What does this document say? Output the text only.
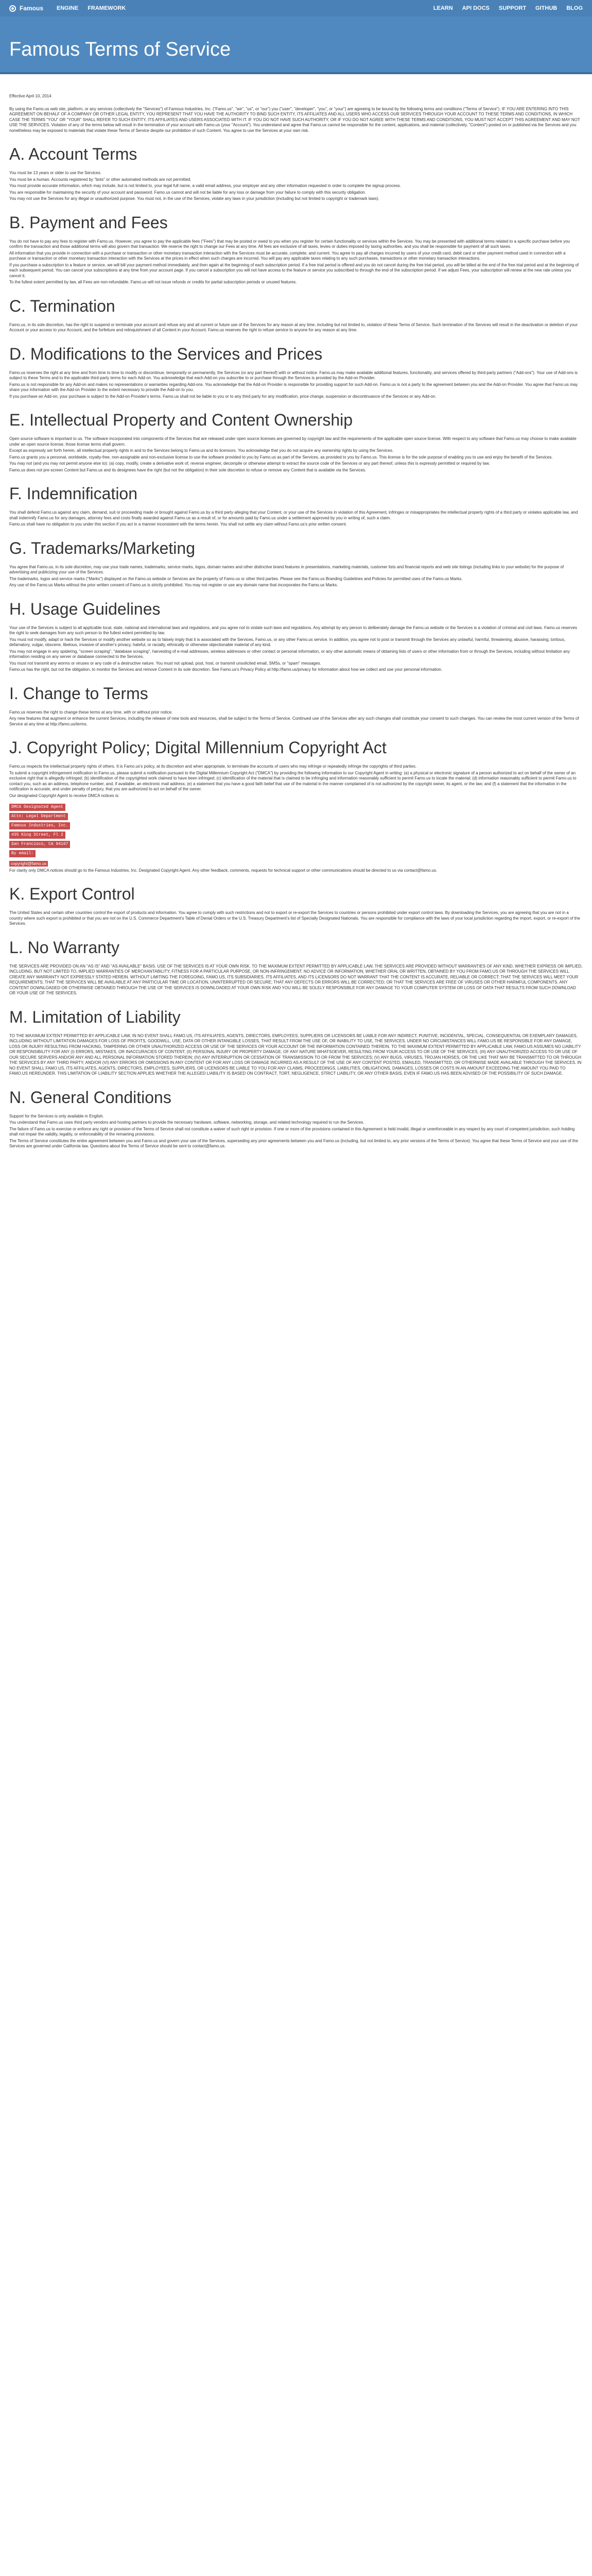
Famous ENGINE FRAMEWORK	LEARN API DOCS SUPPORT GITHUB BLOG
Famous Terms of Service

Effective April 10, 2014

By using the Famo.us web site, platform, or any services (collectively the "Services") of Famous Industries, Inc. ("Famo.us", "we", "us", or "our") you ("user", "developer", "you", or "your") are agreeing to be bound by the following terms and conditions ("Terms of Service"). IF YOU ARE ENTERING INTO THIS AGREEMENT ON BEHALF OF A COMPANY OR OTHER LEGAL ENTITY, YOU REPRESENT THAT YOU HAVE THE AUTHORITY TO BIND SUCH ENTITY, ITS AFFILIATES AND ALL USERS WHO ACCESS OUR SERVICES THROUGH YOUR ACCOUNT TO THESE TERMS AND CONDITIONS, IN WHICH CASE THE TERMS "YOU" OR "YOUR" SHALL REFER TO SUCH ENTITY, ITS AFFILIATES AND USERS ASSOCIATED WITH IT. IF YOU DO NOT HAVE SUCH AUTHORITY, OR IF YOU DO NOT AGREE WITH THESE TERMS AND CONDITIONS, YOU MUST NOT ACCEPT THIS AGREEMENT AND MAY NOT USE THE SERVICES. Violation of any of the terms below will result in the termination of your account with Famo.us (your "Account"). You understand and agree that Famo.us cannot be responsible for the content, applications, and material (collectively, "Content") posted on or published via the Services and you nonetheless may be exposed to materials that violate these Terms of Service despite our prohibition of such Content. You agree to use the Services at your own risk.

A. Account Terms

You must be 13 years or older to use the Services.

You must be a human. Accounts registered by "bots" or other automated methods are not permitted.

You must provide accurate information, which may include, but is not limited to, your legal full name, a valid email address, your employer and any other information requested in order to complete the signup process.

You are responsible for maintaining the security of your account and password. Famo.us cannot and will not be liable for any loss or damage from your failure to comply with this security obligation.

You may not use the Services for any illegal or unauthorized purpose. You must not, in the use of the Services, violate any laws in your jurisdiction (including but not limited to copyright or trademark laws).

B. Payment and Fees

You do not have to pay any fees to register with Famo.us. However, you agree to pay the applicable fees ("Fees") that may be posted or owed to you when you register for certain functionality or services within the Services. You may be presented with additional terms related to a specific purchase before you confirm the transaction and those additional terms will also govern that transaction. We reserve the right to change our Fees at any time. All fees are exclusive of all taxes, levies or duties imposed by taxing authorities, and you shall be responsible for payment of all such taxes.

All information that you provide in connection with a purchase or transaction or other monetary transaction interaction with the Services must be accurate, complete, and current. You agree to pay all charges incurred by users of your credit card, debit card or other payment method used in connection with a purchase or transaction or other monetary transaction interaction with the Services at the prices in effect when such charges are incurred. You will pay any applicable taxes relating to any such purchases, transactions or other monetary transaction interactions.

If you purchase a subscription to a feature or service, we will bill your payment method immediately, and then again at the beginning of each subscription period. If a free trial period is offered and you do not cancel during the free trial period, you will be billed at the end of the free trial period and at the beginning of each subsequent period. You can cancel your subscriptions at any time from your account page. If you cancel a subscription you will not have access to the feature or service you subscribed to through the end of the subscription period. If we adjust Fees, your subscription will renew at the new rate unless you cancel it.

To the fullest extent permitted by law, all Fees are non-refundable. Famo.us will not issue refunds or credits for partial subscription periods or unused features.

C. Termination

Famo.us, in its sole discretion, has the right to suspend or terminate your account and refuse any and all current or future use of the Services for any reason at any time, including but not limited to, violation of these Terms of Service. Such termination of the Services will result in the deactivation or deletion of your Account or your access to your Account, and the forfeiture and relinquishment of all Content in your Account. Famo.us reserves the right to refuse service to anyone for any reason at any time.

D. Modifications to the Services and Prices

Famo.us reserves the right at any time and from time to time to modify or discontinue, temporarily or permanently, the Services (or any part thereof) with or without notice. Famo.us may make available additional features, functionality, and services offered by third-party partners ("Add-ons"). Your use of Add-ons is subject to these Terms and to the applicable third-party terms for each Add-on. You acknowledge that each Add-on you subscribe to or purchase through the Services is provided by the Add-on Provider.

Famo.us is not responsible for any Add-on and makes no representations or warranties regarding Add-ons. You acknowledge that the Add-on Provider is responsible for providing support for such Add-on. Famo.us is not a party to the agreement between you and the Add-on Provider. You agree that Famo.us may share your information with the Add-on Provider to the extent necessary to provide the Add-on to you.

If you purchase an Add-on, your purchase is subject to the Add-on Provider's terms. Famo.us shall not be liable to you or to any third party for any modification, price change, suspension or discontinuance of the Services or any Add-on.

E. Intellectual Property and Content Ownership

Open source software is important to us. The software incorporated into components of the Services that are released under open source licenses are governed by copyright law and the requirements of the applicable open source license. With respect to any software that Famo.us may choose to make available under an open source license, those license terms shall govern.

Except as expressly set forth herein, all intellectual property rights in and to the Services belong to Famo.us and its licensors. You acknowledge that you do not acquire any ownership rights by using the Services.

Famo.us grants you a personal, worldwide, royalty-free, non-assignable and non-exclusive license to use the software provided to you by Famo.us as part of the Services, as provided to you by Famo.us. This license is for the sole purpose of enabling you to use and enjoy the benefit of the Services.

You may not (and you may not permit anyone else to): (a) copy, modify, create a derivative work of, reverse engineer, decompile or otherwise attempt to extract the source code of the Services or any part thereof, unless this is expressly permitted or required by law.

Famo.us does not pre-screen Content but Famo.us and its designees have the right (but not the obligation) in their sole discretion to refuse or remove any Content that is available via the Services.

F. Indemnification

You shall defend Famo.us against any claim, demand, suit or proceeding made or brought against Famo.us by a third party alleging that your Content, or your use of the Services in violation of this Agreement, infringes or misappropriates the intellectual property rights of a third party or violates applicable law, and shall indemnify Famo.us for any damages, attorney fees and costs finally awarded against Famo.us as a result of, or for amounts paid by Famo.us under a settlement approved by you in writing of, such a claim.

Famo.us shall have no obligation to you under this section if you act in a manner inconsistent with the terms herein. You shall not settle any claim without Famo.us's prior written consent.

G. Trademarks/Marketing

You agree that Famo.us, in its sole discretion, may use your trade names, trademarks, service marks, logos, domain names and other distinctive brand features in presentations, marketing materials, customer lists and financial reports and web site listings (including links to your website) for the purpose of advertising and publicizing your use of the Services.

The trademarks, logos and service marks ("Marks") displayed on the Famo.us website or Services are the property of Famo.us or other third parties. Please see the Famo.us Branding Guidelines and Policies for permitted uses of the Famo.us Marks.

Any use of the Famo.us Marks without the prior written consent of Famo.us is strictly prohibited. You may not register or use any domain name that incorporates the Famo.us Marks.

H. Usage Guidelines

Your use of the Services is subject to all applicable local, state, national and international laws and regulations, and you agree not to violate such laws and regulations. Any attempt by any person to deliberately damage the Famo.us website or the Services is a violation of criminal and civil laws. Famo.us reserves the right to seek damages from any such person to the fullest extent permitted by law.

You must not modify, adapt or hack the Services or modify another website so as to falsely imply that it is associated with the Services, Famo.us, or any other Famo.us service. In addition, you agree not to post or transmit through the Services any unlawful, harmful, threatening, abusive, harassing, tortious, defamatory, vulgar, obscene, libelous, invasive of another's privacy, hateful, or racially, ethnically or otherwise objectionable material of any kind.

You may not engage in any spidering, "screen scraping", "database scraping", harvesting of e-mail addresses, wireless addresses or other contact or personal information, or any other automatic means of obtaining lists of users or other information from or through the Services, including without limitation any information residing on any server or database connected to the Services.

You must not transmit any worms or viruses or any code of a destructive nature. You must not upload, post, host, or transmit unsolicited email, SMSs, or "spam" messages.

Famo.us has the right, but not the obligation, to monitor the Services and remove Content in its sole discretion. See Famo.us's Privacy Policy at http://famo.us/privacy for information about how we collect and use your personal information.

I. Change to Terms

Famo.us reserves the right to change these terms at any time, with or without prior notice.

Any new features that augment or enhance the current Services, including the release of new tools and resources, shall be subject to the Terms of Service. Continued use of the Services after any such changes shall constitute your consent to such changes. You can review the most current version of the Terms of Service at any time at http://famo.us/terms.

J. Copyright Policy; Digital Millennium Copyright Act

Famo.us respects the intellectual property rights of others. It is Famo.us's policy, at its discretion and when appropriate, to terminate the accounts of users who may infringe or repeatedly infringe the copyrights of third parties.

To submit a copyright infringement notification to Famo.us, please submit a notification pursuant to the Digital Millennium Copyright Act ("DMCA") by providing the following information to our Copyright Agent in writing: (a) a physical or electronic signature of a person authorized to act on behalf of the owner of an exclusive right that is allegedly infringed; (b) identification of the copyrighted work claimed to have been infringed; (c) identification of the material that is claimed to be infringing and information reasonably sufficient to permit Famo.us to locate the material; (d) information reasonably sufficient to permit Famo.us to contact you, such as an address, telephone number, and, if available, an electronic mail address; (e) a statement that you have a good faith belief that use of the material in the manner complained of is not authorized by the copyright owner, its agent, or the law; and (f) a statement that the information in the notification is accurate, and under penalty of perjury, that you are authorized to act on behalf of the owner.

Our designated Copyright Agent to receive DMCA notices is:

DMCA Designated Agent
Attn: Legal Department
Famous Industries, Inc.
435 King Street, Fl 2
San Francisco, CA 94107
By email:

copyright@famo.us

For clarity only DMCA notices should go to the Famous Industries, Inc. Designated Copyright Agent. Any other feedback, comments, requests for technical support or other communications should be directed to us via contact@famo.us.

K. Export Control

The United States and certain other countries control the export of products and information. You agree to comply with such restrictions and not to export or re-export the Services to countries or persons prohibited under export control laws. By downloading the Services, you are agreeing that you are not in a country where such export is prohibited or that you are not on the U.S. Commerce Department's Table of Denial Orders or the U.S. Treasury Department's list of Specially Designated Nationals. You are responsible for compliance with the laws of your local jurisdiction regarding the import, export, or re-export of the Services.

L. No Warranty

THE SERVICES ARE PROVIDED ON AN "AS IS" AND "AS AVAILABLE" BASIS. USE OF THE SERVICES IS AT YOUR OWN RISK. TO THE MAXIMUM EXTENT PERMITTED BY APPLICABLE LAW, THE SERVICES ARE PROVIDED WITHOUT WARRANTIES OF ANY KIND, WHETHER EXPRESS OR IMPLIED, INCLUDING, BUT NOT LIMITED TO, IMPLIED WARRANTIES OF MERCHANTABILITY, FITNESS FOR A PARTICULAR PURPOSE, OR NON-INFRINGEMENT. NO ADVICE OR INFORMATION, WHETHER ORAL OR WRITTEN, OBTAINED BY YOU FROM FAMO.US OR THROUGH THE SERVICES WILL CREATE ANY WARRANTY NOT EXPRESSLY STATED HEREIN. WITHOUT LIMITING THE FOREGOING, FAMO.US, ITS SUBSIDIARIES, ITS AFFILIATES, AND ITS LICENSORS DO NOT WARRANT THAT THE CONTENT IS ACCURATE, RELIABLE OR CORRECT; THAT THE SERVICES WILL MEET YOUR REQUIREMENTS; THAT THE SERVICES WILL BE AVAILABLE AT ANY PARTICULAR TIME OR LOCATION, UNINTERRUPTED OR SECURE; THAT ANY DEFECTS OR ERRORS WILL BE CORRECTED; OR THAT THE SERVICES ARE FREE OF VIRUSES OR OTHER HARMFUL COMPONENTS. ANY CONTENT DOWNLOADED OR OTHERWISE OBTAINED THROUGH THE USE OF THE SERVICES IS DOWNLOADED AT YOUR OWN RISK AND YOU WILL BE SOLELY RESPONSIBLE FOR ANY DAMAGE TO YOUR COMPUTER SYSTEM OR LOSS OF DATA THAT RESULTS FROM SUCH DOWNLOAD OR YOUR USE OF THE SERVICES.

M. Limitation of Liability

TO THE MAXIMUM EXTENT PERMITTED BY APPLICABLE LAW, IN NO EVENT SHALL FAMO.US, ITS AFFILIATES, AGENTS, DIRECTORS, EMPLOYEES, SUPPLIERS OR LICENSORS BE LIABLE FOR ANY INDIRECT, PUNITIVE, INCIDENTAL, SPECIAL, CONSEQUENTIAL OR EXEMPLARY DAMAGES, INCLUDING WITHOUT LIMITATION DAMAGES FOR LOSS OF PROFITS, GOODWILL, USE, DATA OR OTHER INTANGIBLE LOSSES, THAT RESULT FROM THE USE OF, OR INABILITY TO USE, THE SERVICES. UNDER NO CIRCUMSTANCES WILL FAMO.US BE RESPONSIBLE FOR ANY DAMAGE, LOSS OR INJURY RESULTING FROM HACKING, TAMPERING OR OTHER UNAUTHORIZED ACCESS OR USE OF THE SERVICES OR YOUR ACCOUNT OR THE INFORMATION CONTAINED THEREIN. TO THE MAXIMUM EXTENT PERMITTED BY APPLICABLE LAW, FAMO.US ASSUMES NO LIABILITY OR RESPONSIBILITY FOR ANY (I) ERRORS, MISTAKES, OR INACCURACIES OF CONTENT; (II) PERSONAL INJURY OR PROPERTY DAMAGE, OF ANY NATURE WHATSOEVER, RESULTING FROM YOUR ACCESS TO OR USE OF THE SERVICES; (III) ANY UNAUTHORIZED ACCESS TO OR USE OF OUR SECURE SERVERS AND/OR ANY AND ALL PERSONAL INFORMATION STORED THEREIN; (IV) ANY INTERRUPTION OR CESSATION OF TRANSMISSION TO OR FROM THE SERVICES; (V) ANY BUGS, VIRUSES, TROJAN HORSES, OR THE LIKE THAT MAY BE TRANSMITTED TO OR THROUGH THE SERVICES BY ANY THIRD PARTY; AND/OR (VI) ANY ERRORS OR OMISSIONS IN ANY CONTENT OR FOR ANY LOSS OR DAMAGE INCURRED AS A RESULT OF THE USE OF ANY CONTENT POSTED, EMAILED, TRANSMITTED, OR OTHERWISE MADE AVAILABLE THROUGH THE SERVICES. IN NO EVENT SHALL FAMO.US, ITS AFFILIATES, AGENTS, DIRECTORS, EMPLOYEES, SUPPLIERS, OR LICENSORS BE LIABLE TO YOU FOR ANY CLAIMS, PROCEEDINGS, LIABILITIES, OBLIGATIONS, DAMAGES, LOSSES OR COSTS IN AN AMOUNT EXCEEDING THE AMOUNT YOU PAID TO FAMO.US HEREUNDER. THIS LIMITATION OF LIABILITY SECTION APPLIES WHETHER THE ALLEGED LIABILITY IS BASED ON CONTRACT, TORT, NEGLIGENCE, STRICT LIABILITY, OR ANY OTHER BASIS, EVEN IF FAMO.US HAS BEEN ADVISED OF THE POSSIBILITY OF SUCH DAMAGE.

N. General Conditions

Support for the Services is only available in English.

You understand that Famo.us uses third party vendors and hosting partners to provide the necessary hardware, software, networking, storage, and related technology required to run the Services.

The failure of Famo.us to exercise or enforce any right or provision of the Terms of Service shall not constitute a waiver of such right or provision. If one or more of the provisions contained in this Agreement is held invalid, illegal or unenforceable in any respect by any court of competent jurisdiction, such holding shall not impair the validity, legality, or enforceability of the remaining provisions.

The Terms of Service constitutes the entire agreement between you and Famo.us and govern your use of the Services, superseding any prior agreements between you and Famo.us (including, but not limited to, any prior versions of the Terms of Service). You agree that these Terms of Service and your use of the Services are governed under California law. Questions about the Terms of Service should be sent to contact@famo.us.
